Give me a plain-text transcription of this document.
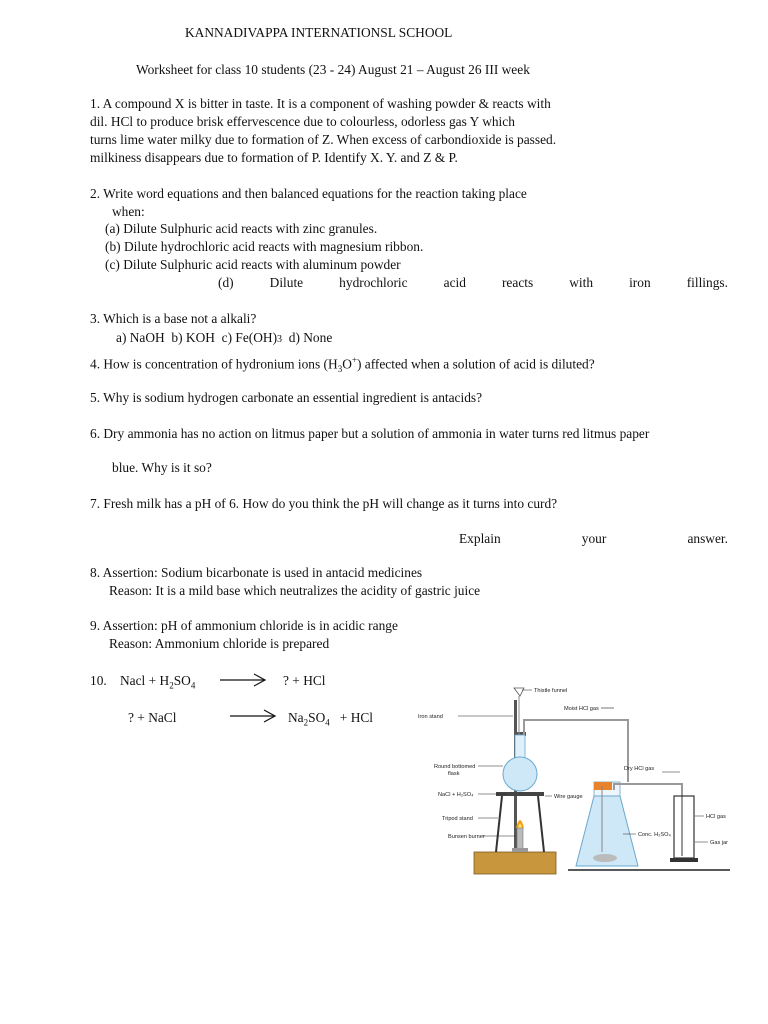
KANNADIVAPPA INTERNATIONSL SCHOOL
Worksheet for class 10 students (23 - 24) August 21 – August 26 III week
1. A compound X is bitter in taste. It is a component of washing powder & reacts with
dil. HCl to produce brisk effervescence due to colourless, odorless gas Y which
turns lime water milky due to formation of Z. When excess of carbondioxide is passed.
milkiness disappears due to formation of P. Identify X. Y. and Z & P.
2. Write word equations and then balanced equations for the reaction taking place
when:
(a) Dilute Sulphuric acid reacts with zinc granules.
(b) Dilute hydrochloric acid reacts with magnesium ribbon.
(c) Dilute Sulphuric acid reacts with aluminum powder
(d)	Dilute	hydrochloric	acid	reacts	with	iron	fillings.
3. Which is a base not a alkali?
a) NaOH b) KOH c) Fe(OH)3 d) None
4. How is concentration of hydronium ions $(H_3O^+)$ affected when a solution of acid is diluted?
5. Why is sodium hydrogen carbonate an essential ingredient is antacids?
6. Dry ammonia has no action on litmus paper but a solution of ammonia in water turns red litmus paper
blue. Why is it so?
7. Fresh milk has a pH of 6. How do you think the pH will change as it turns into curd?
Explain	your	answer.
8. Assertion: Sodium bicarbonate is used in antacid medicines
Reason: It is a mild base which neutralizes the acidity of gastric juice
9. Assertion: pH of ammonium chloride is in acidic range
Reason: Ammonium chloride is prepared
10. Nacl + $H_2SO_4$	? + HCl
? + NaCl	$Na_2SO_4$ + HCl
Thistle funnel
Moist HCl gas
Iron stand
Round bottomed
flask
NaCl + H₂SO₄	Wire gauge
Tripod stand
Bunsen burner
Dry HCl gas
Conc. H₂SO₄
HCl gas
Gas jar
